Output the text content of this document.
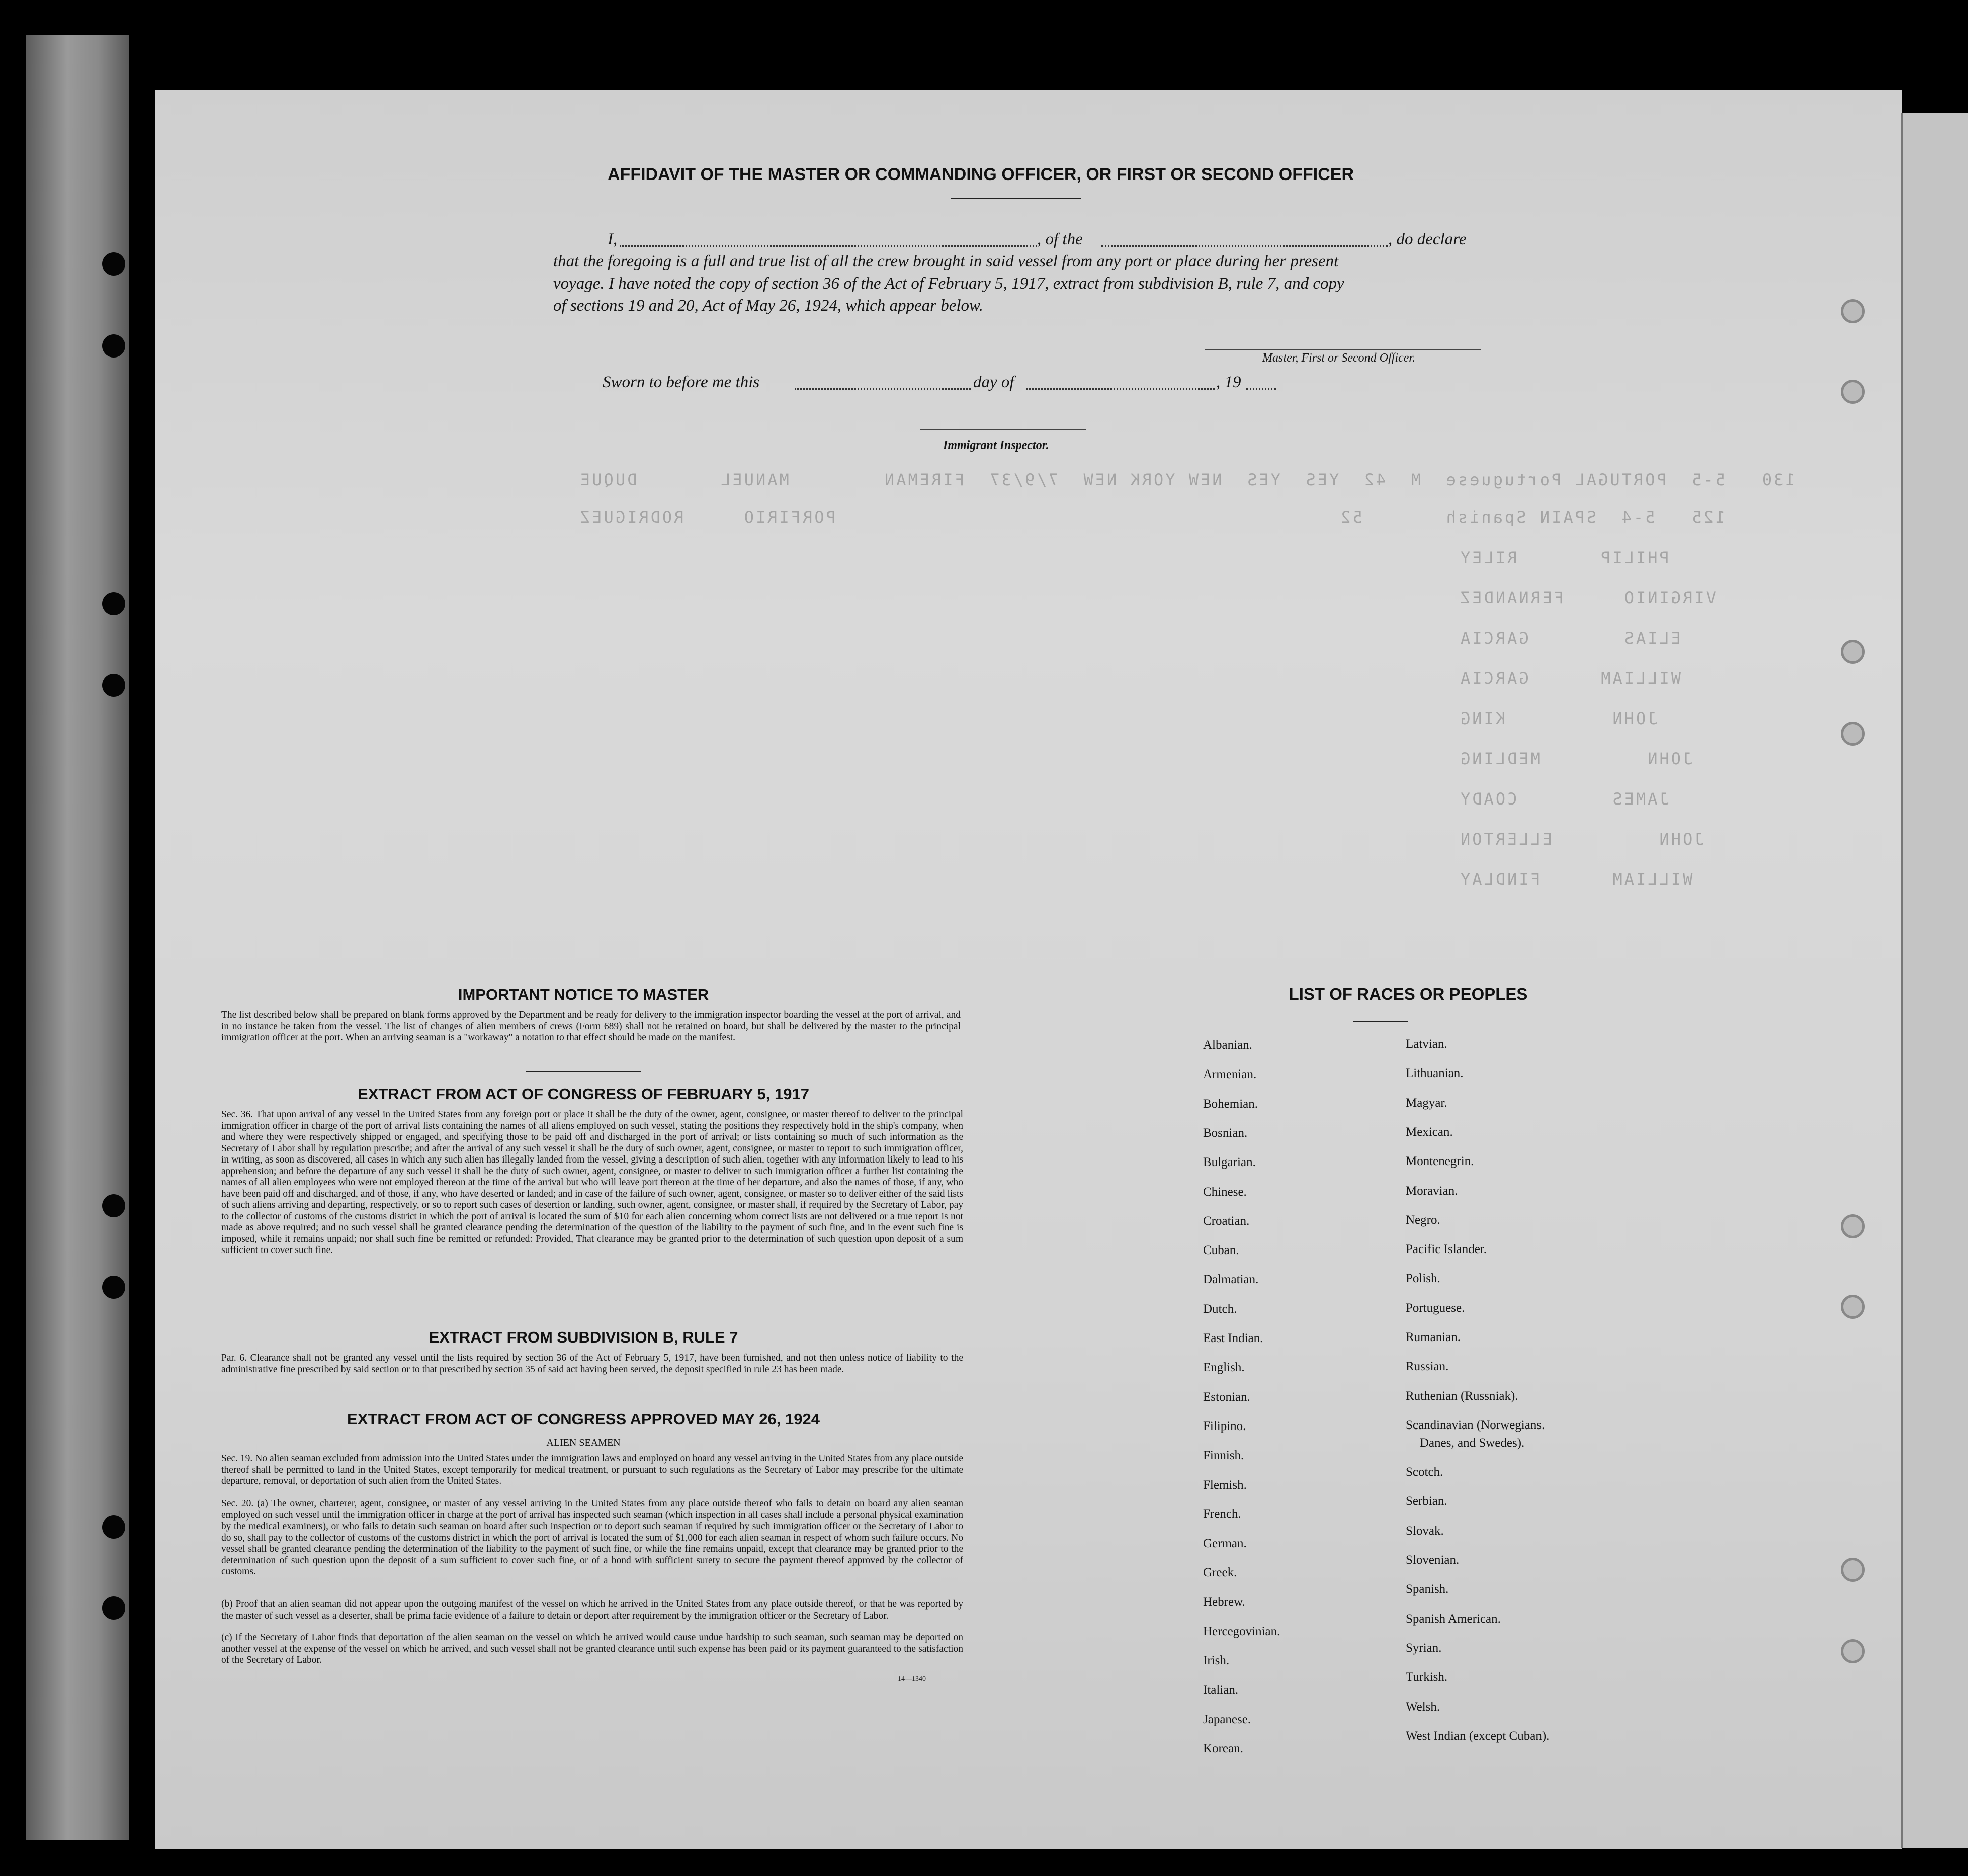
130   5-5  PORTUGAL Portuguese  M  42  YES  YES  NEW YORK NEW  7/9/37  FIREMAN        MANUEL       DUQUE
125   5-4  SPAIN Spanish       52                                           PORFIRIO     RODRIGUEZ
PHILIP       RILEY
VIRGINIO     FERNANDEZ
ELIAS        GARCIA
WILLIAM      GARCIA
JOHN         KING
JOHN         MEDLING
JAMES        COADY
JOHN         ELLERTON
WILLIAM      FINDLAY
AFFIDAVIT OF THE MASTER OR COMMANDING OFFICER, OR FIRST OR SECOND OFFICER
I,	, of the	, do declare
that the foregoing is a full and true list of all the crew brought in said vessel from any port or place during her present
voyage. I have noted the copy of section 36 of the Act of February 5, 1917, extract from subdivision B, rule 7, and copy
of sections 19 and 20, Act of May 26, 1924, which appear below.
Master, First or Second Officer.
Sworn to before me this	day of	, 19
Immigrant Inspector.
IMPORTANT NOTICE TO MASTER
The list described below shall be prepared on blank forms approved by the Department and be ready for delivery to the immigration inspector boarding the vessel at the port of arrival, and in no instance be taken from the vessel. The list of changes of alien members of crews (Form 689) shall not be retained on board, but shall be delivered by the master to the principal immigration officer at the port. When an arriving seaman is a "workaway" a notation to that effect should be made on the manifest.
EXTRACT FROM ACT OF CONGRESS OF FEBRUARY 5, 1917
Sec. 36. That upon arrival of any vessel in the United States from any foreign port or place it shall be the duty of the owner, agent, consignee, or master thereof to deliver to the principal immigration officer in charge of the port of arrival lists containing the names of all aliens employed on such vessel, stating the positions they respectively hold in the ship's company, when and where they were respectively shipped or engaged, and specifying those to be paid off and discharged in the port of arrival; or lists containing so much of such information as the Secretary of Labor shall by regulation prescribe; and after the arrival of any such vessel it shall be the duty of such owner, agent, consignee, or master to report to such immigration officer, in writing, as soon as discovered, all cases in which any such alien has illegally landed from the vessel, giving a description of such alien, together with any information likely to lead to his apprehension; and before the departure of any such vessel it shall be the duty of such owner, agent, consignee, or master to deliver to such immigration officer a further list containing the names of all alien employees who were not employed thereon at the time of the arrival but who will leave port thereon at the time of her departure, and also the names of those, if any, who have been paid off and discharged, and of those, if any, who have deserted or landed; and in case of the failure of such owner, agent, consignee, or master so to deliver either of the said lists of such aliens arriving and departing, respectively, or so to report such cases of desertion or landing, such owner, agent, consignee, or master shall, if required by the Secretary of Labor, pay to the collector of customs of the customs district in which the port of arrival is located the sum of $10 for each alien concerning whom correct lists are not delivered or a true report is not made as above required; and no such vessel shall be granted clearance pending the determination of the question of the liability to the payment of such fine, and in the event such fine is imposed, while it remains unpaid; nor shall such fine be remitted or refunded: Provided, That clearance may be granted prior to the determination of such question upon deposit of a sum sufficient to cover such fine.
EXTRACT FROM SUBDIVISION B, RULE 7
Par. 6. Clearance shall not be granted any vessel until the lists required by section 36 of the Act of February 5, 1917, have been furnished, and not then unless notice of liability to the administrative fine prescribed by said section or to that prescribed by section 35 of said act having been served, the deposit specified in rule 23 has been made.
EXTRACT FROM ACT OF CONGRESS APPROVED MAY 26, 1924
ALIEN SEAMEN
Sec. 19. No alien seaman excluded from admission into the United States under the immigration laws and employed on board any vessel arriving in the United States from any place outside thereof shall be permitted to land in the United States, except temporarily for medical treatment, or pursuant to such regulations as the Secretary of Labor may prescribe for the ultimate departure, removal, or deportation of such alien from the United States.
Sec. 20. (a) The owner, charterer, agent, consignee, or master of any vessel arriving in the United States from any place outside thereof who fails to detain on board any alien seaman employed on such vessel until the immigration officer in charge at the port of arrival has inspected such seaman (which inspection in all cases shall include a personal physical examination by the medical examiners), or who fails to detain such seaman on board after such inspection or to deport such seaman if required by such immigration officer or the Secretary of Labor to do so, shall pay to the collector of customs of the customs district in which the port of arrival is located the sum of $1,000 for each alien seaman in respect of whom such failure occurs. No vessel shall be granted clearance pending the determination of the liability to the payment of such fine, or while the fine remains unpaid, except that clearance may be granted prior to the determination of such question upon the deposit of a sum sufficient to cover such fine, or of a bond with sufficient surety to secure the payment thereof approved by the collector of customs.
(b) Proof that an alien seaman did not appear upon the outgoing manifest of the vessel on which he arrived in the United States from any place outside thereof, or that he was reported by the master of such vessel as a deserter, shall be prima facie evidence of a failure to detain or deport after requirement by the immigration officer or the Secretary of Labor.
(c) If the Secretary of Labor finds that deportation of the alien seaman on the vessel on which he arrived would cause undue hardship to such seaman, such seaman may be deported on another vessel at the expense of the vessel on which he arrived, and such vessel shall not be granted clearance until such expense has been paid or its payment guaranteed to the satisfaction of the Secretary of Labor.
14—1340
LIST OF RACES OR PEOPLES
Albanian.
Armenian.
Bohemian.
Bosnian.
Bulgarian.
Chinese.
Croatian.
Cuban.
Dalmatian.
Dutch.
East Indian.
English.
Estonian.
Filipino.
Finnish.
Flemish.
French.
German.
Greek.
Hebrew.
Hercegovinian.
Irish.
Italian.
Japanese.
Korean.
Latvian.
Lithuanian.
Magyar.
Mexican.
Montenegrin.
Moravian.
Negro.
Pacific Islander.
Polish.
Portuguese.
Rumanian.
Russian.
Ruthenian (Russniak).
Scandinavian (Norwegians.
Danes, and Swedes).
Scotch.
Serbian.
Slovak.
Slovenian.
Spanish.
Spanish American.
Syrian.
Turkish.
Welsh.
West Indian (except Cuban).
